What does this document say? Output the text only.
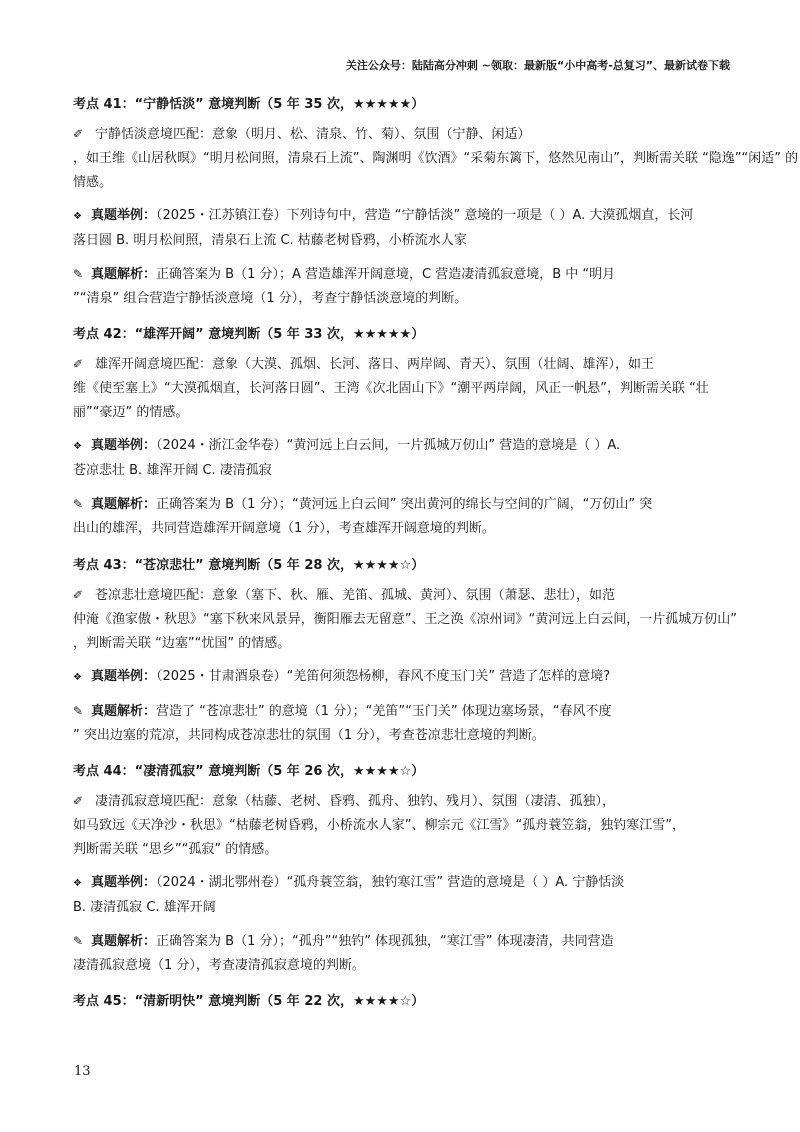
关注公众号：陆陆高分冲刺 ~领取：最新版“小中高考-总复习”、最新试卷下载
考点 41：“宁静恬淡” 意境判断（5 年 35 次，★★★★★）
✐ 宁静恬淡意境匹配：意象（明月、松、清泉、竹、菊）、氛围（宁静、闲适）
，如王维《山居秋暝》“明月松间照，清泉石上流”、陶渊明《饮酒》“采菊东篱下，悠然见南山”，判断需关联 “隐逸”“闲适” 的
情感。
❖ 真题举例：（2025・江苏镇江卷）下列诗句中，营造 “宁静恬淡” 意境的一项是（ ）A. 大漠孤烟直，长河
落日圆 B. 明月松间照，清泉石上流 C. 枯藤老树昏鸦，小桥流水人家
✎ 真题解析：正确答案为 B（1 分）；A 营造雄浑开阔意境，C 营造凄清孤寂意境，B 中 “明月
”“清泉” 组合营造宁静恬淡意境（1 分），考查宁静恬淡意境的判断。
考点 42：“雄浑开阔” 意境判断（5 年 33 次，★★★★★）
✐ 雄浑开阔意境匹配：意象（大漠、孤烟、长河、落日、两岸阔、青天）、氛围（壮阔、雄浑），如王
维《使至塞上》“大漠孤烟直，长河落日圆”、王湾《次北固山下》“潮平两岸阔，风正一帆悬”，判断需关联 “壮
丽”“豪迈” 的情感。
❖ 真题举例：（2024・浙江金华卷）“黄河远上白云间，一片孤城万仞山” 营造的意境是（ ）A.
苍凉悲壮 B. 雄浑开阔 C. 凄清孤寂
✎ 真题解析：正确答案为 B（1 分）；“黄河远上白云间” 突出黄河的绵长与空间的广阔，“万仞山” 突
出山的雄浑，共同营造雄浑开阔意境（1 分），考查雄浑开阔意境的判断。
考点 43：“苍凉悲壮” 意境判断（5 年 28 次，★★★★☆）
✐ 苍凉悲壮意境匹配：意象（塞下、秋、雁、羌笛、孤城、黄河）、氛围（萧瑟、悲壮），如范
仲淹《渔家傲・秋思》“塞下秋来风景异，衡阳雁去无留意”、王之涣《凉州词》“黄河远上白云间，一片孤城万仞山”
，判断需关联 “边塞”“忧国” 的情感。
❖ 真题举例：（2025・甘肃酒泉卷）“羌笛何须怨杨柳，春风不度玉门关” 营造了怎样的意境?
✎ 真题解析：营造了 “苍凉悲壮” 的意境（1 分）；“羌笛”“玉门关” 体现边塞场景，“春风不度
” 突出边塞的荒凉，共同构成苍凉悲壮的氛围（1 分），考查苍凉悲壮意境的判断。
考点 44：“凄清孤寂” 意境判断（5 年 26 次，★★★★☆）
✐ 凄清孤寂意境匹配：意象（枯藤、老树、昏鸦、孤舟、独钓、残月）、氛围（凄清、孤独），
如马致远《天净沙・秋思》“枯藤老树昏鸦，小桥流水人家”、柳宗元《江雪》“孤舟蓑笠翁，独钓寒江雪”，
判断需关联 “思乡”“孤寂” 的情感。
❖ 真题举例：（2024・湖北鄂州卷）“孤舟蓑笠翁，独钓寒江雪” 营造的意境是（ ）A. 宁静恬淡
B. 凄清孤寂 C. 雄浑开阔
✎ 真题解析：正确答案为 B（1 分）；“孤舟”“独钓” 体现孤独，“寒江雪” 体现凄清，共同营造
凄清孤寂意境（1 分），考查凄清孤寂意境的判断。
考点 45：“清新明快” 意境判断（5 年 22 次，★★★★☆）
13
